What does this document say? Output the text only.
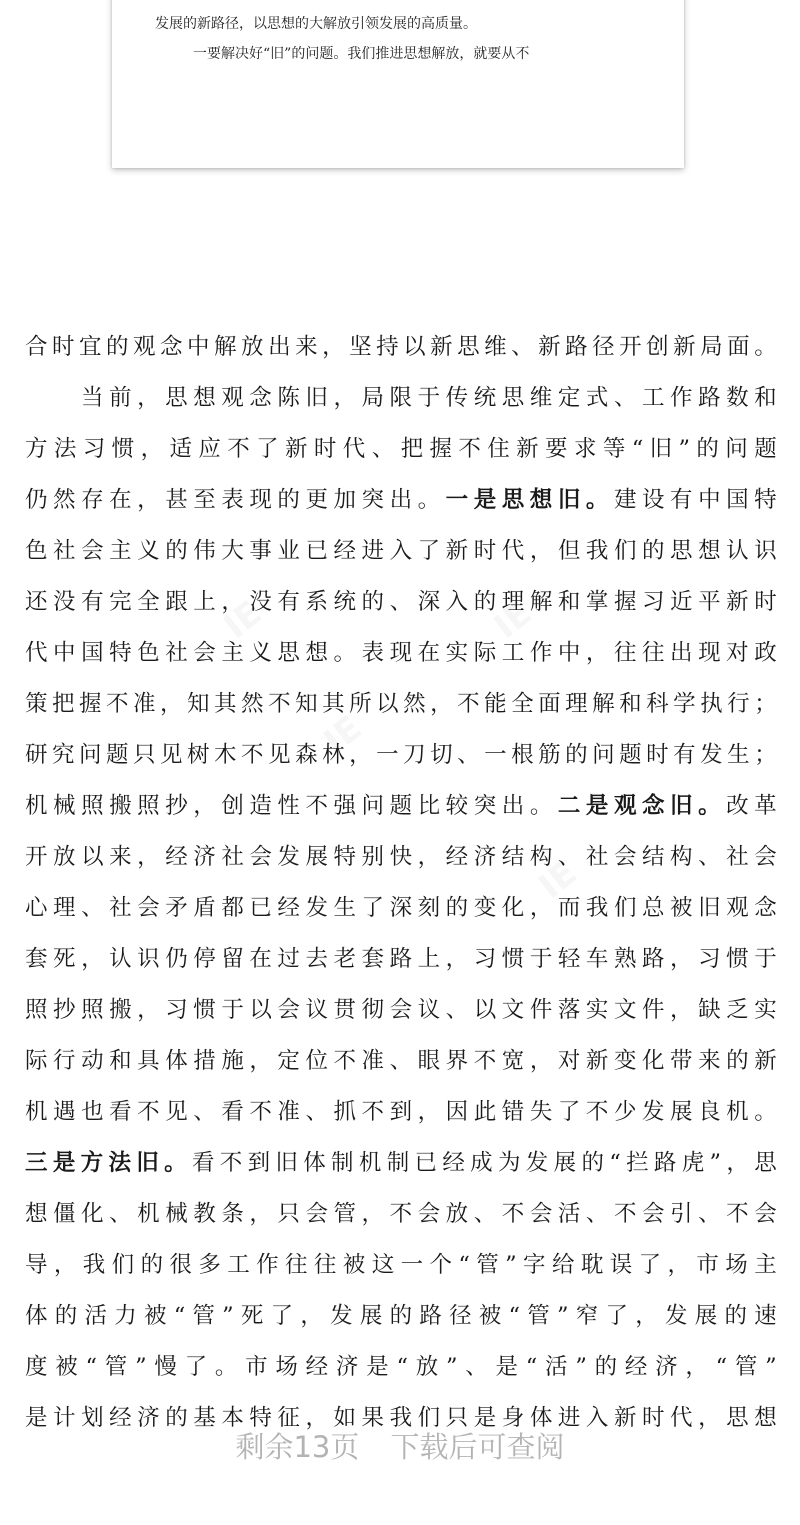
发展的新路径，以思想的大解放引领发展的高质量。
一要解决好“旧”的问题。我们推进思想解放，就要从不
合时宜的观念中解放出来，坚持以新思维、新路径开创新局面。
当前，思想观念陈旧，局限于传统思维定式、工作路数和
方法习惯，适应不了新时代、把握不住新要求等“旧”的问题
仍然存在，甚至表现的更加突出。一是思想旧。建设有中国特
色社会主义的伟大事业已经进入了新时代，但我们的思想认识
还没有完全跟上，没有系统的、深入的理解和掌握习近平新时
代中国特色社会主义思想。表现在实际工作中，往往出现对政
策把握不准，知其然不知其所以然，不能全面理解和科学执行；
研究问题只见树木不见森林，一刀切、一根筋的问题时有发生；
机械照搬照抄，创造性不强问题比较突出。二是观念旧。改革
开放以来，经济社会发展特别快，经济结构、社会结构、社会
心理、社会矛盾都已经发生了深刻的变化，而我们总被旧观念
套死，认识仍停留在过去老套路上，习惯于轻车熟路，习惯于
照抄照搬，习惯于以会议贯彻会议、以文件落实文件，缺乏实
际行动和具体措施，定位不准、眼界不宽，对新变化带来的新
机遇也看不见、看不准、抓不到，因此错失了不少发展良机。
三是方法旧。看不到旧体制机制已经成为发展的“拦路虎”，思
想僵化、机械教条，只会管，不会放、不会活、不会引、不会
导，我们的很多工作往往被这一个“管”字给耽误了，市场主
体的活力被“管”死了，发展的路径被“管”窄了，发展的速
度被“管”慢了。市场经济是“放”、是“活”的经济，“管”
是计划经济的基本特征，如果我们只是身体进入新时代，思想
剩余13页 下载后可查阅
